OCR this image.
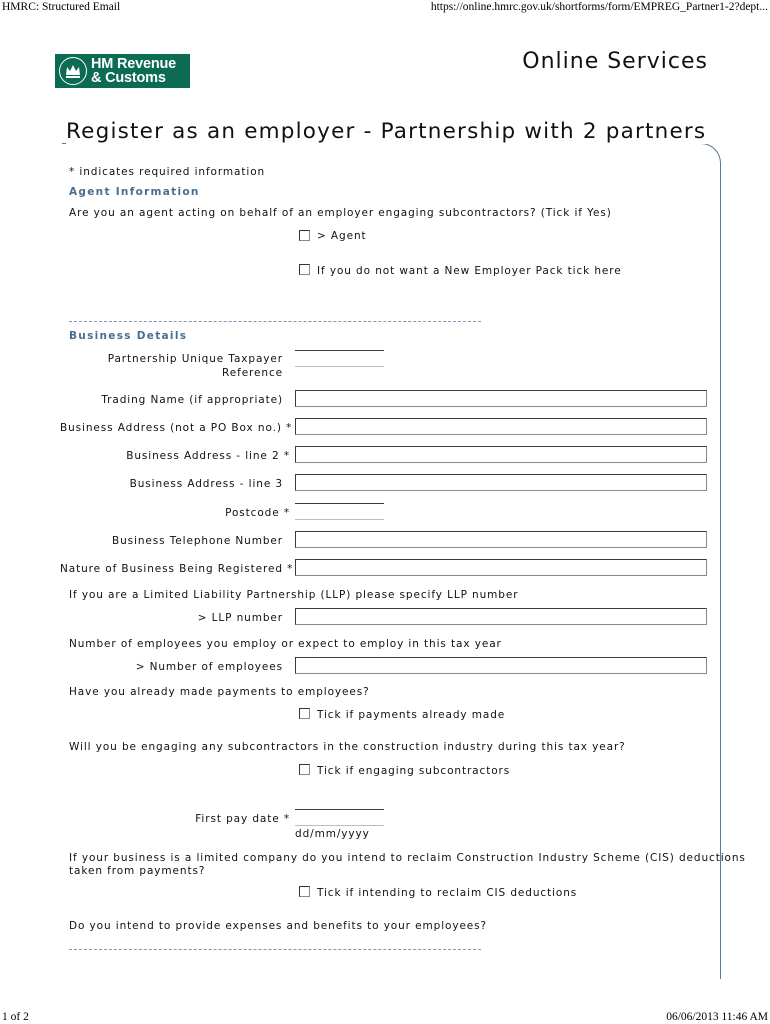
HMRC: Structured Email	https://online.hmrc.gov.uk/shortforms/form/EMPREG_Partner1-2?dept...
HM Revenue
& Customs
Online Services
Register as an employer - Partnership with 2 partners
* indicates required information
Agent Information
Are you an agent acting on behalf of an employer engaging subcontractors? (Tick if Yes)
> Agent
If you do not want a New Employer Pack tick here
Business Details
Partnership Unique Taxpayer
Reference
Trading Name (if appropriate)
Business Address (not a PO Box no.) *
Business Address - line 2 *
Business Address - line 3
Postcode *
Business Telephone Number
Nature of Business Being Registered *
If you are a Limited Liability Partnership (LLP) please specify LLP number
> LLP number
Number of employees you employ or expect to employ in this tax year
> Number of employees
Have you already made payments to employees?
Tick if payments already made
Will you be engaging any subcontractors in the construction industry during this tax year?
Tick if engaging subcontractors
First pay date *
dd/mm/yyyy
If your business is a limited company do you intend to reclaim Construction Industry Scheme (CIS) deductions
taken from payments?
Tick if intending to reclaim CIS deductions
Do you intend to provide expenses and benefits to your employees?
1 of 2	06/06/2013 11:46 AM
